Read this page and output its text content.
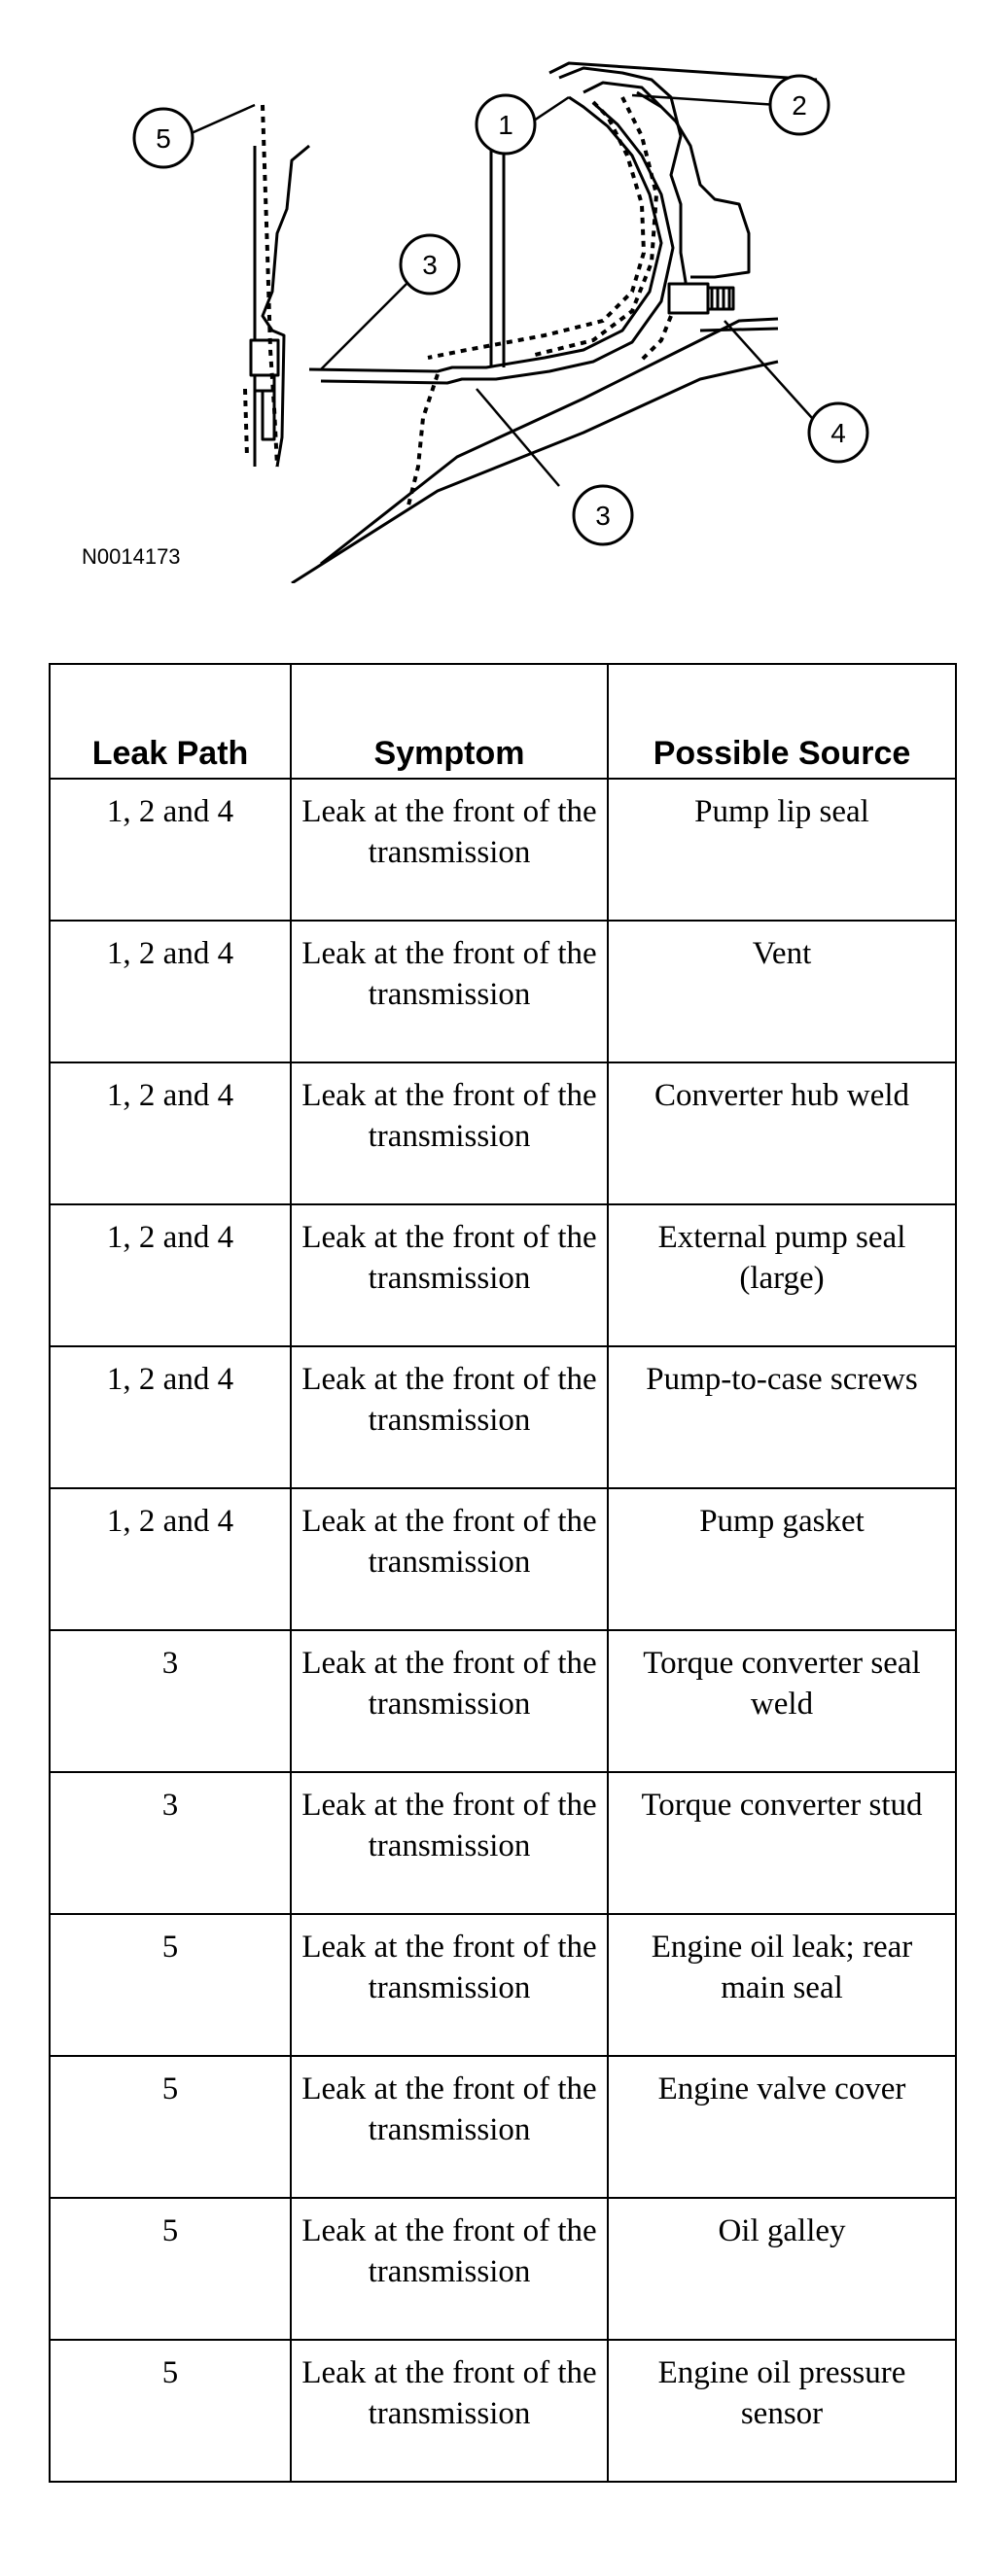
5	1
2
3
4
3
N0014173
Leak Path	Symptom	Possible Source
1, 2 and 4	Leak at the front of the transmission	Pump lip seal
1, 2 and 4	Leak at the front of the transmission	Vent
1, 2 and 4	Leak at the front of the transmission	Converter hub weld
1, 2 and 4	Leak at the front of the transmission	External pump seal (large)
1, 2 and 4	Leak at the front of the transmission	Pump-to-case screws
1, 2 and 4	Leak at the front of the transmission	Pump gasket
3	Leak at the front of the transmission	Torque converter seal weld
3	Leak at the front of the transmission	Torque converter stud
5	Leak at the front of the transmission	Engine oil leak; rear main seal
5	Leak at the front of the transmission	Engine valve cover
5	Leak at the front of the transmission	Oil galley
5	Leak at the front of the transmission	Engine oil pressure sensor
